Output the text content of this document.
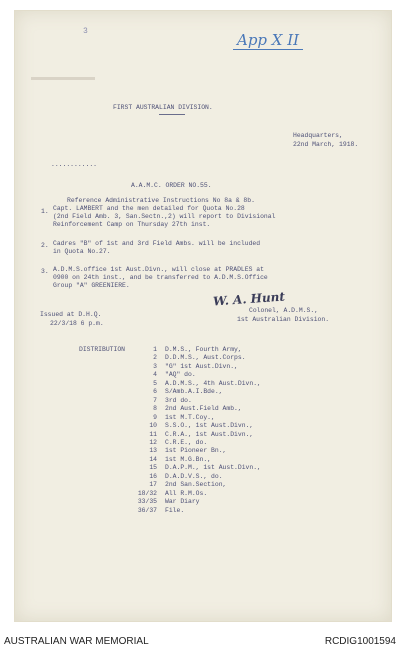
3	App X II
FIRST AUSTRALIAN DIVISION.
Headquarters,
22nd March, 1918.
............
A.A.M.C. ORDER NO.55.
Reference Administrative Instructions No 8a & 8b.
1. Capt. LAMBERT and the men detailed for Quota No.28
(2nd Field Amb. 3, San.Sectn.,2) will report to Divisional
Reinforcement Camp on Thursday 27th inst.
2. Cadres "B" of 1st and 3rd Field Ambs. will be included
in Quota No.27.
3. A.D.M.S.office 1st Aust.Divn., will close at PRADLES at
0900 on 24th inst., and be transferred to A.D.M.S.Office
Group "A" GREENIERE.
W. A. Hunt
Issued at D.H.Q.
22/3/18 6 p.m.
Colonel, A.D.M.S.,
1st Australian Division.
DISTRIBUTION	1 D.M.S., Fourth Army,
2 D.D.M.S., Aust.Corps.
3 "G" 1st Aust.Divn.,
4 "AQ" do.
5 A.D.M.S., 4th Aust.Divn.,
6 S/Amb.A.I.Bde.,
7 3rd do.
8 2nd Aust.Field Amb.,
9 1st M.T.Coy.,
10 S.S.O., 1st Aust.Divn.,
11 C.R.A., 1st Aust.Divn.,
12 C.R.E., do.
13 1st Pioneer Bn.,
14 1st M.G.Bn.,
15 D.A.P.M., 1st Aust.Divn.,
16 D.A.D.V.S., do.
17 2nd San.Section,
18/32 All R.M.Os.
33/35 War Diary
36/37 File.
AUSTRALIAN WAR MEMORIAL	RCDIG1001594
